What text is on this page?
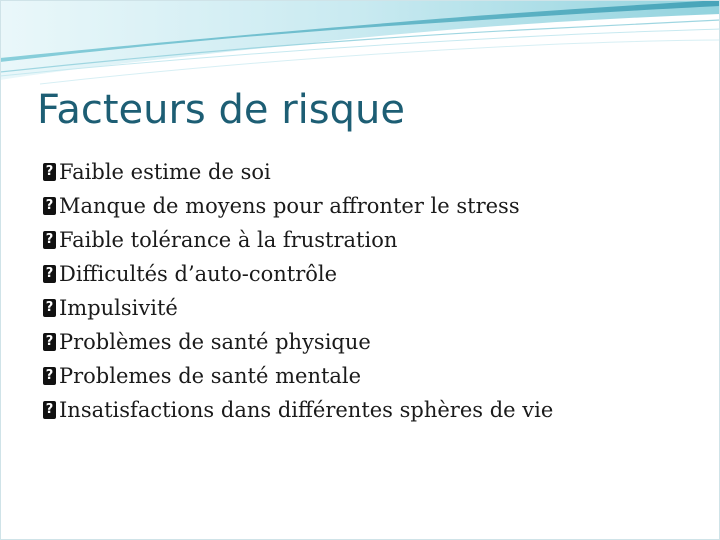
Facteurs de risque
?
Faible estime de soi
?
Manque de moyens pour affronter le stress
?
Faible tolérance à la frustration
?
Difficultés d’auto-contrôle
?
Impulsivité
?
Problèmes de santé physique
?
Problemes de santé mentale
?
Insatisfactions dans différentes sphères de vie
